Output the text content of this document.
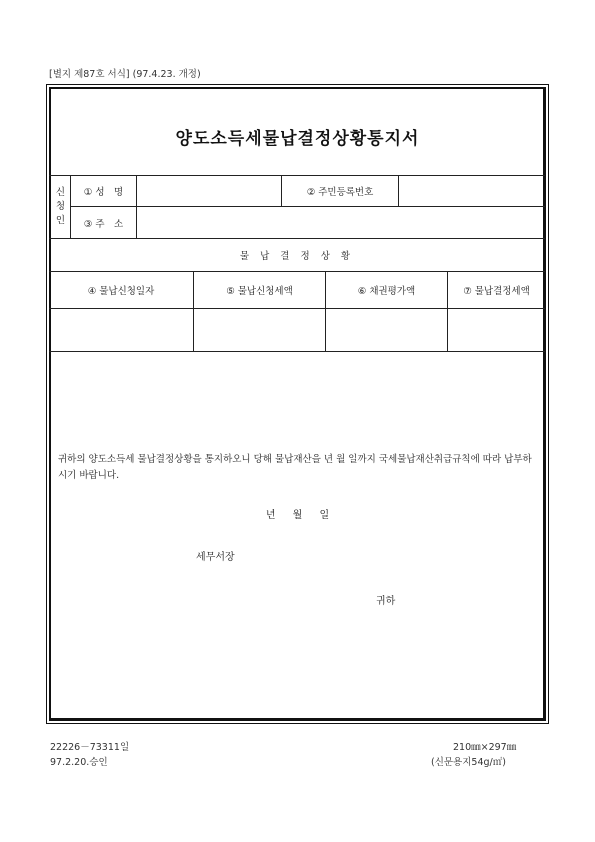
[별지 제87호 서식] (97.4.23. 개정)
양도소득세물납결정상황통지서
신
청
인
① 성　명	② 주민등록번호
③ 주　소
물 납 결 정 상 황
④ 물납신청일자	⑤ 물납신청세액	⑥ 채권평가액	⑦ 물납결정세액
귀하의 양도소득세 물납결정상황을 통지하오니 당해 물납재산을 년 월 일까지 국세물납재산취급규칙에 따라 납부하시기 바랍니다.
년 월 일
세무서장
귀하
22226－73311일
97.2.20.승인
210㎜×297㎜
(신문용지54g/㎡)
